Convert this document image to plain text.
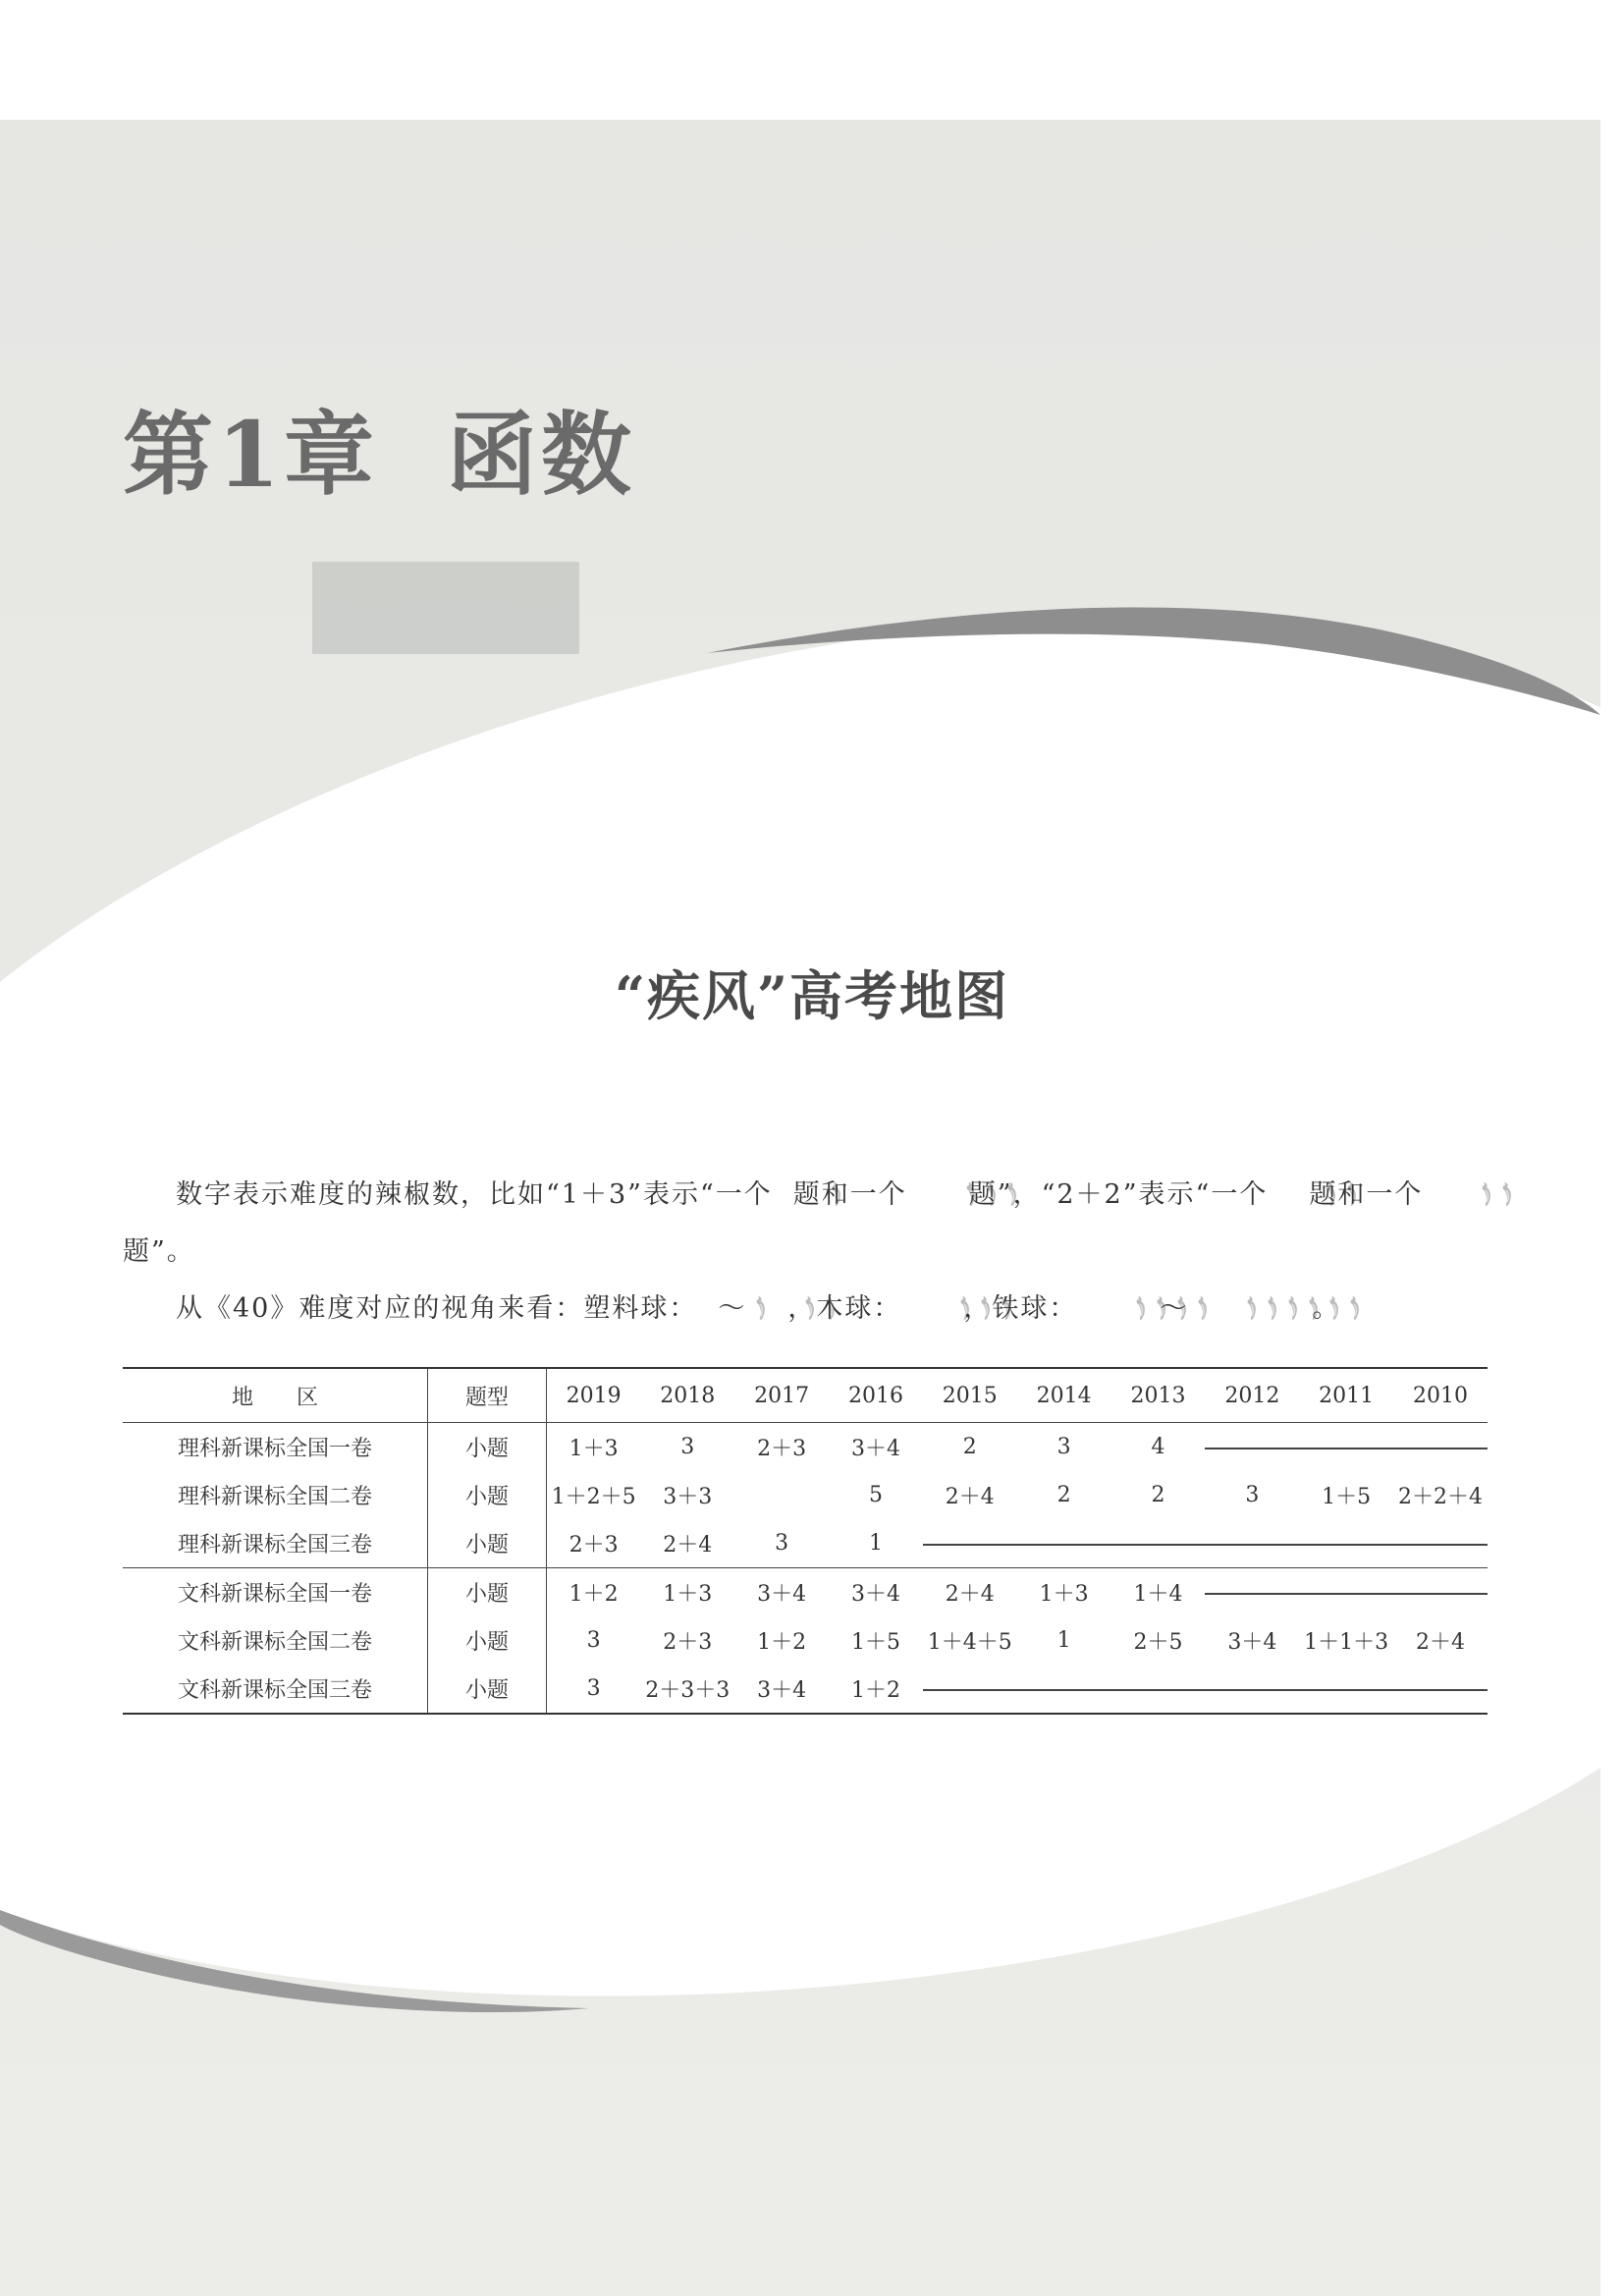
第1章 函数
“疾风”高考地图
数字表示难度的辣椒数，比如“1＋3”表示“一个 题和一个 题”，“2＋2”表示“一个 题和一个题”。
从《40》难度对应的视角来看：塑料球： ～ ，木球： ，铁球：	～	。
地　　区	题型	2019	2018	2017	2016	2015	2014	2013	2012	2011	2010
理科新课标全国一卷	小题	1＋3	3	2＋3	3＋4	2	3	4			
理科新课标全国二卷	小题	1＋2＋5	3＋3		5	2＋4	2	2	3	1＋5	2＋2＋4
理科新课标全国三卷	小题	2＋3	2＋4	3	1						
文科新课标全国一卷	小题	1＋2	1＋3	3＋4	3＋4	2＋4	1＋3	1＋4			
文科新课标全国二卷	小题	3	2＋3	1＋2	1＋5	1＋4＋5	1	2＋5	3＋4	1＋1＋3	2＋4
文科新课标全国三卷	小题	3	2＋3＋3	3＋4	1＋2						
